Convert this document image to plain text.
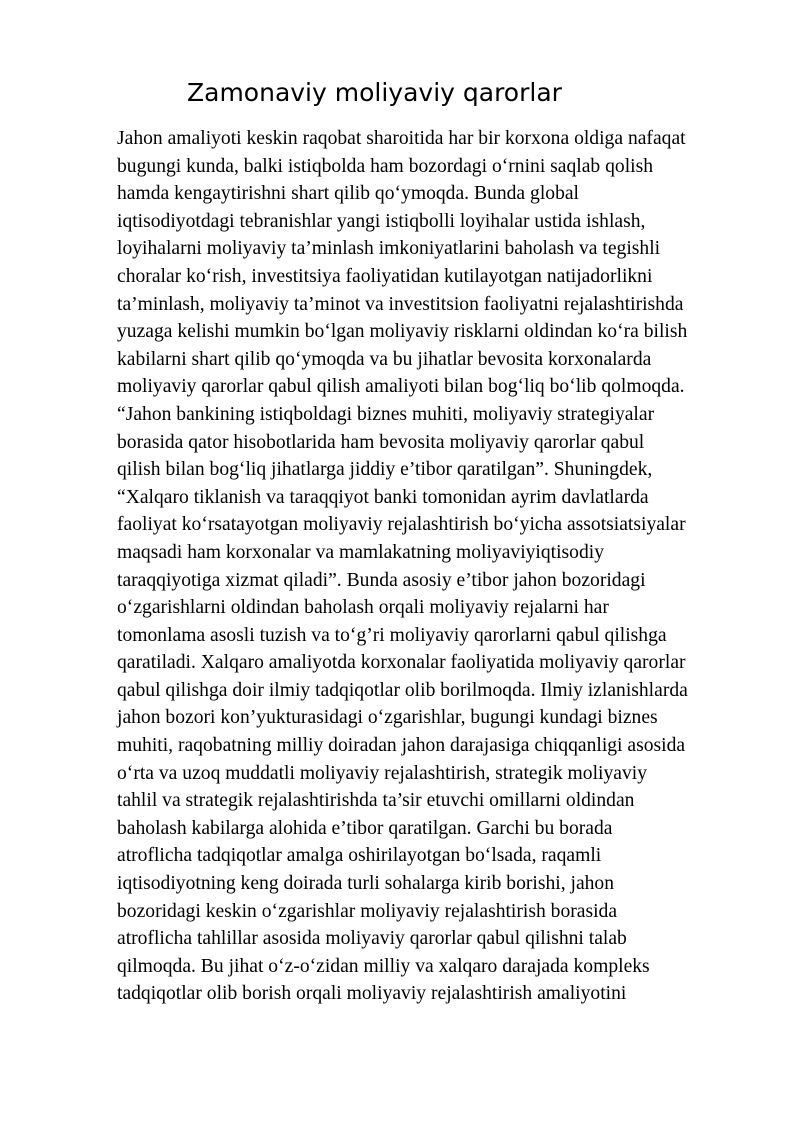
Zamonaviy moliyaviy qarorlar
Jahon amaliyoti keskin raqobat sharoitida har bir korxona oldiga nafaqat
bugungi kunda, balki istiqbolda ham bozordagi o‘rnini saqlab qolish
hamda kengaytirishni shart qilib qo‘ymoqda. Bunda global
iqtisodiyotdagi tebranishlar yangi istiqbolli loyihalar ustida ishlash,
loyihalarni moliyaviy ta’minlash imkoniyatlarini baholash va tegishli
choralar ko‘rish, investitsiya faoliyatidan kutilayotgan natijadorlikni
ta’minlash, moliyaviy ta’minot va investitsion faoliyatni rejalashtirishda
yuzaga kelishi mumkin bo‘lgan moliyaviy risklarni oldindan ko‘ra bilish
kabilarni shart qilib qo‘ymoqda va bu jihatlar bevosita korxonalarda
moliyaviy qarorlar qabul qilish amaliyoti bilan bog‘liq bo‘lib qolmoqda.
“Jahon bankining istiqboldagi biznes muhiti, moliyaviy strategiyalar
borasida qator hisobotlarida ham bevosita moliyaviy qarorlar qabul
qilish bilan bog‘liq jihatlarga jiddiy e’tibor qaratilgan”. Shuningdek,
“Xalqaro tiklanish va taraqqiyot banki tomonidan ayrim davlatlarda
faoliyat ko‘rsatayotgan moliyaviy rejalashtirish bo‘yicha assotsiatsiyalar
maqsadi ham korxonalar va mamlakatning moliyaviyiqtisodiy
taraqqiyotiga xizmat qiladi”. Bunda asosiy e’tibor jahon bozoridagi
o‘zgarishlarni oldindan baholash orqali moliyaviy rejalarni har
tomonlama asosli tuzish va to‘g’ri moliyaviy qarorlarni qabul qilishga
qaratiladi. Xalqaro amaliyotda korxonalar faoliyatida moliyaviy qarorlar
qabul qilishga doir ilmiy tadqiqotlar olib borilmoqda. Ilmiy izlanishlarda
jahon bozori kon’yukturasidagi o‘zgarishlar, bugungi kundagi biznes
muhiti, raqobatning milliy doiradan jahon darajasiga chiqqanligi asosida
o‘rta va uzoq muddatli moliyaviy rejalashtirish, strategik moliyaviy
tahlil va strategik rejalashtirishda ta’sir etuvchi omillarni oldindan
baholash kabilarga alohida e’tibor qaratilgan. Garchi bu borada
atroflicha tadqiqotlar amalga oshirilayotgan bo‘lsada, raqamli
iqtisodiyotning keng doirada turli sohalarga kirib borishi, jahon
bozoridagi keskin o‘zgarishlar moliyaviy rejalashtirish borasida
atroflicha tahlillar asosida moliyaviy qarorlar qabul qilishni talab
qilmoqda. Bu jihat o‘z-o‘zidan milliy va xalqaro darajada kompleks
tadqiqotlar olib borish orqali moliyaviy rejalashtirish amaliyotini
